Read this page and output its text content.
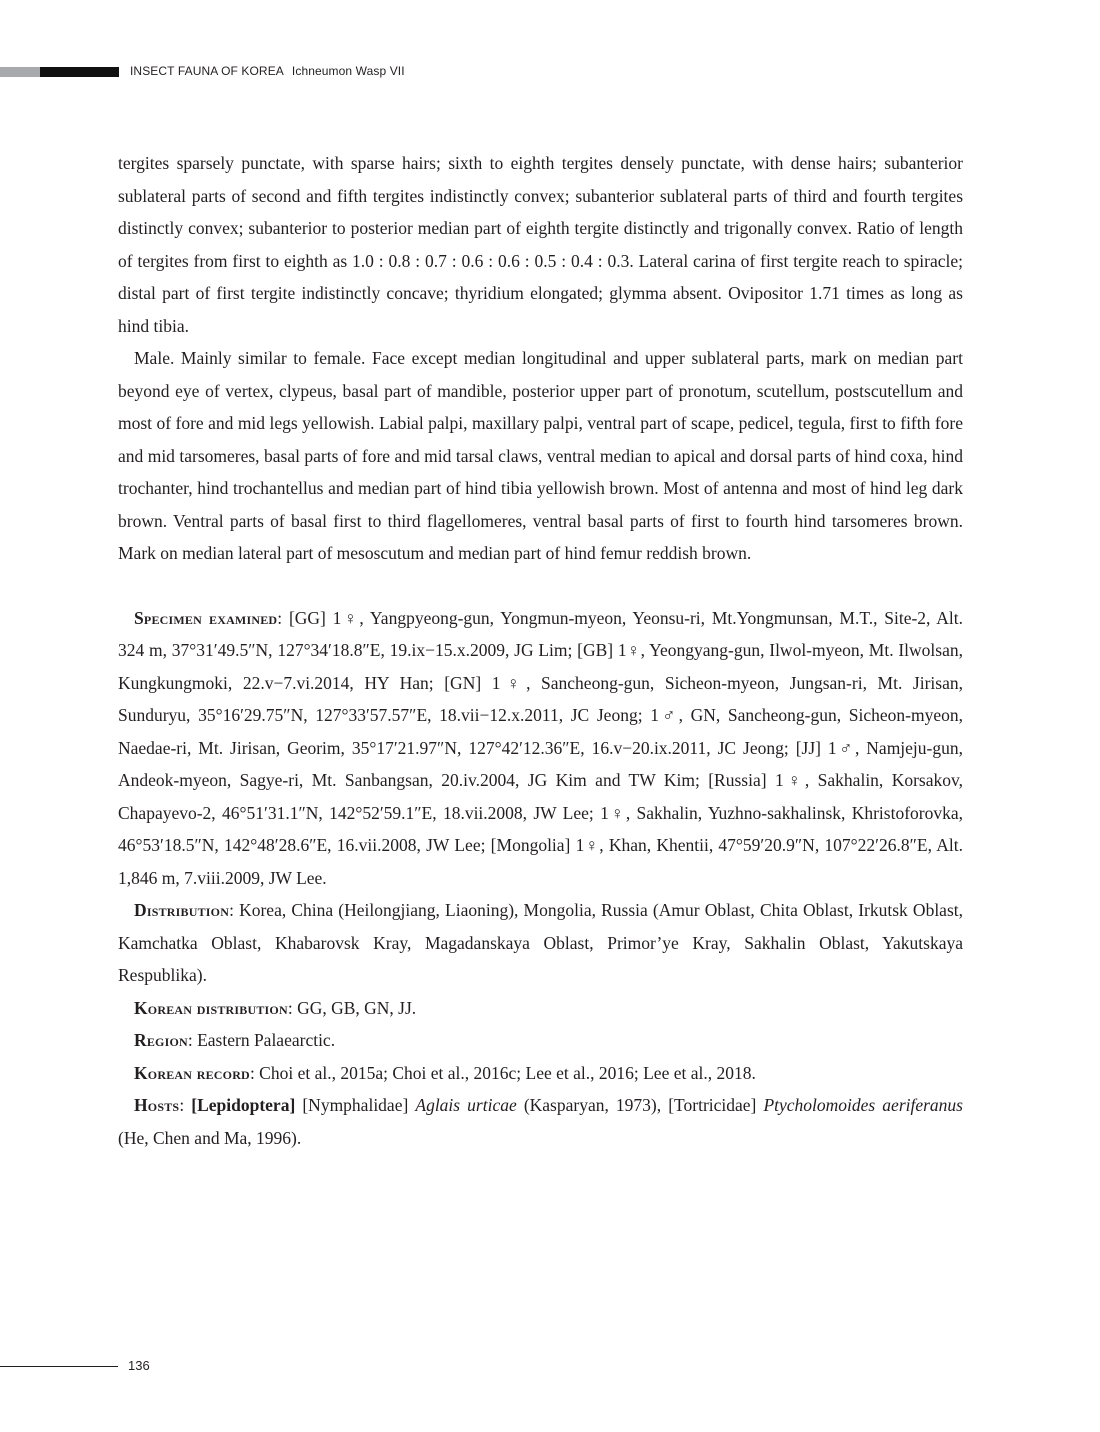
INSECT FAUNA OF KOREA Ichneumon Wasp VII

tergites sparsely punctate, with sparse hairs; sixth to eighth tergites densely punctate, with dense hairs; subanterior sublateral parts of second and fifth tergites indistinctly convex; subanterior sublateral parts of third and fourth tergites distinctly convex; subanterior to posterior median part of eighth tergite distinctly and trigonally convex. Ratio of length of tergites from first to eighth as 1.0 : 0.8 : 0.7 : 0.6 : 0.6 : 0.5 : 0.4 : 0.3. Lateral carina of first tergite reach to spiracle; distal part of first tergite indistinctly concave; thyridium elongated; glymma absent. Ovipositor 1.71 times as long as hind tibia.

Male. Mainly similar to female. Face except median longitudinal and upper sublateral parts, mark on median part beyond eye of vertex, clypeus, basal part of mandible, posterior upper part of pronotum, scutellum, postscutellum and most of fore and mid legs yellowish. Labial palpi, maxillary palpi, ventral part of scape, pedicel, tegula, first to fifth fore and mid tarsomeres, basal parts of fore and mid tarsal claws, ventral median to apical and dorsal parts of hind coxa, hind trochanter, hind trochantellus and median part of hind tibia yellowish brown. Most of antenna and most of hind leg dark brown. Ventral parts of basal first to third flagellomeres, ventral basal parts of first to fourth hind tarsomeres brown. Mark on median lateral part of mesoscutum and median part of hind femur reddish brown.

Specimen examined: [GG] 1♀, Yangpyeong-gun, Yongmun-myeon, Yeonsu-ri, Mt.Yongmunsan, M.T., Site-2, Alt. 324 m, 37°31′49.5″N, 127°34′18.8″E, 19.ix−15.x.2009, JG Lim; [GB] 1♀, Yeongyang-gun, Ilwol-myeon, Mt. Ilwolsan, Kungkungmoki, 22.v−7.vi.2014, HY Han; [GN] 1♀, Sancheong-gun, Sicheon-myeon, Jungsan-ri, Mt. Jirisan, Sunduryu, 35°16′29.75″N, 127°33′57.57″E, 18.vii−12.x.2011, JC Jeong; 1♂, GN, Sancheong-gun, Sicheon-myeon, Naedae-ri, Mt. Jirisan, Georim, 35°17′21.97″N, 127°42′12.36″E, 16.v−20.ix.2011, JC Jeong; [JJ] 1♂, Namjeju-gun, Andeok-myeon, Sagye-ri, Mt. Sanbangsan, 20.iv.2004, JG Kim and TW Kim; [Russia] 1♀, Sakhalin, Korsakov, Chapayevo-2, 46°51′31.1″N, 142°52′59.1″E, 18.vii.2008, JW Lee; 1♀, Sakhalin, Yuzhno-sakhalinsk, Khristoforovka, 46°53′18.5″N, 142°48′28.6″E, 16.vii.2008, JW Lee; [Mongolia] 1♀, Khan, Khentii, 47°59′20.9″N, 107°22′26.8″E, Alt. 1,846 m, 7.viii.2009, JW Lee.

Distribution: Korea, China (Heilongjiang, Liaoning), Mongolia, Russia (Amur Oblast, Chita Oblast, Irkutsk Oblast, Kamchatka Oblast, Khabarovsk Kray, Magadanskaya Oblast, Primor’ye Kray, Sakhalin Oblast, Yakutskaya Respublika).

Korean distribution: GG, GB, GN, JJ.

Region: Eastern Palaearctic.

Korean record: Choi et al., 2015a; Choi et al., 2016c; Lee et al., 2016; Lee et al., 2018.

Hosts: [Lepidoptera] [Nymphalidae] Aglais urticae (Kasparyan, 1973), [Tortricidae] Ptycholomoides aeriferanus (He, Chen and Ma, 1996).

136
